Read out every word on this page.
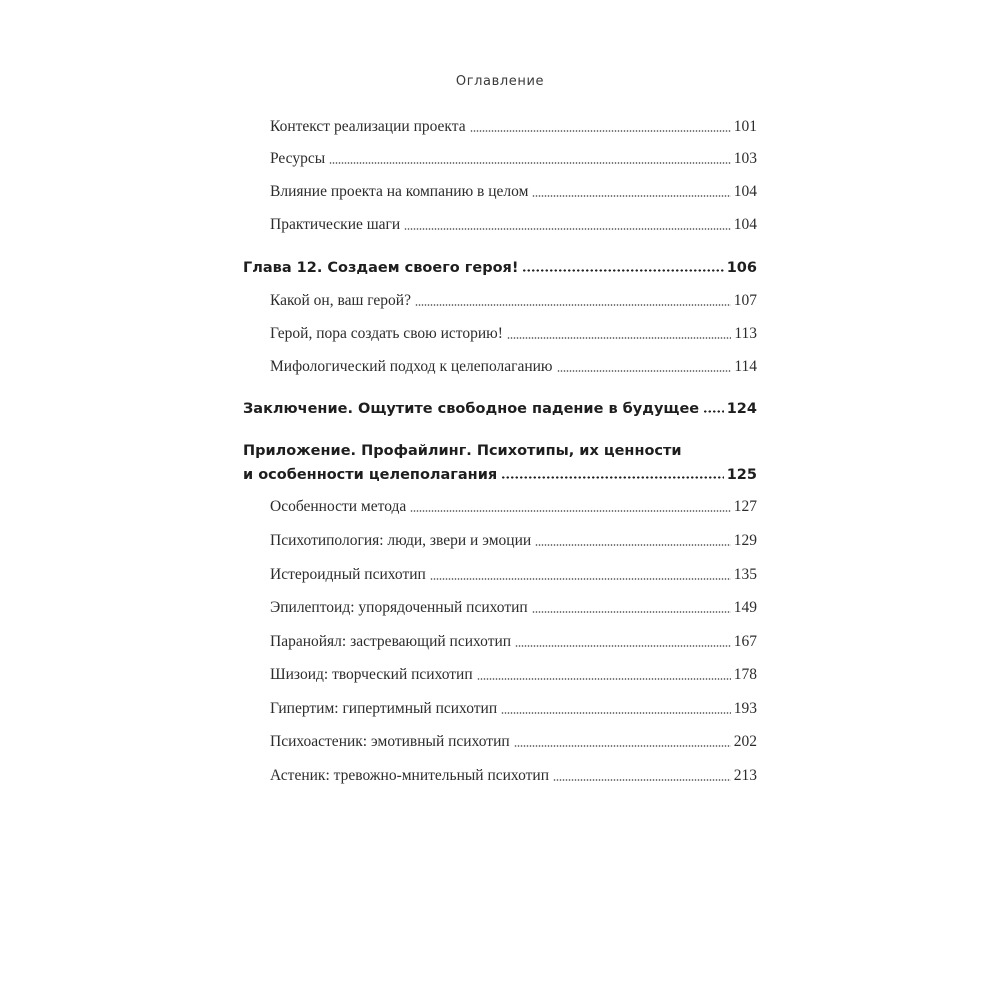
Оглавление
Контекст реализации проекта	101
Ресурсы	103
Влияние проекта на компанию в целом	104
Практические шаги	104
Глава 12. Создаем своего героя!	106
Какой он, ваш герой?	107
Герой, пора создать свою историю!	113
Мифологический подход к целеполаганию	114
Заключение. Ощутите свободное падение в будущее 124
Приложение. Профайлинг. Психотипы, их ценности
и особенности целеполагания	125
Особенности метода	127
Психотипология: люди, звери и эмоции	129
Истероидный психотип	135
Эпилептоид: упорядоченный психотип	149
Паранойял: застревающий психотип	167
Шизоид: творческий психотип	178
Гипертим: гипертимный психотип	193
Психоастеник: эмотивный психотип	202
Астеник: тревожно-мнительный психотип	213
